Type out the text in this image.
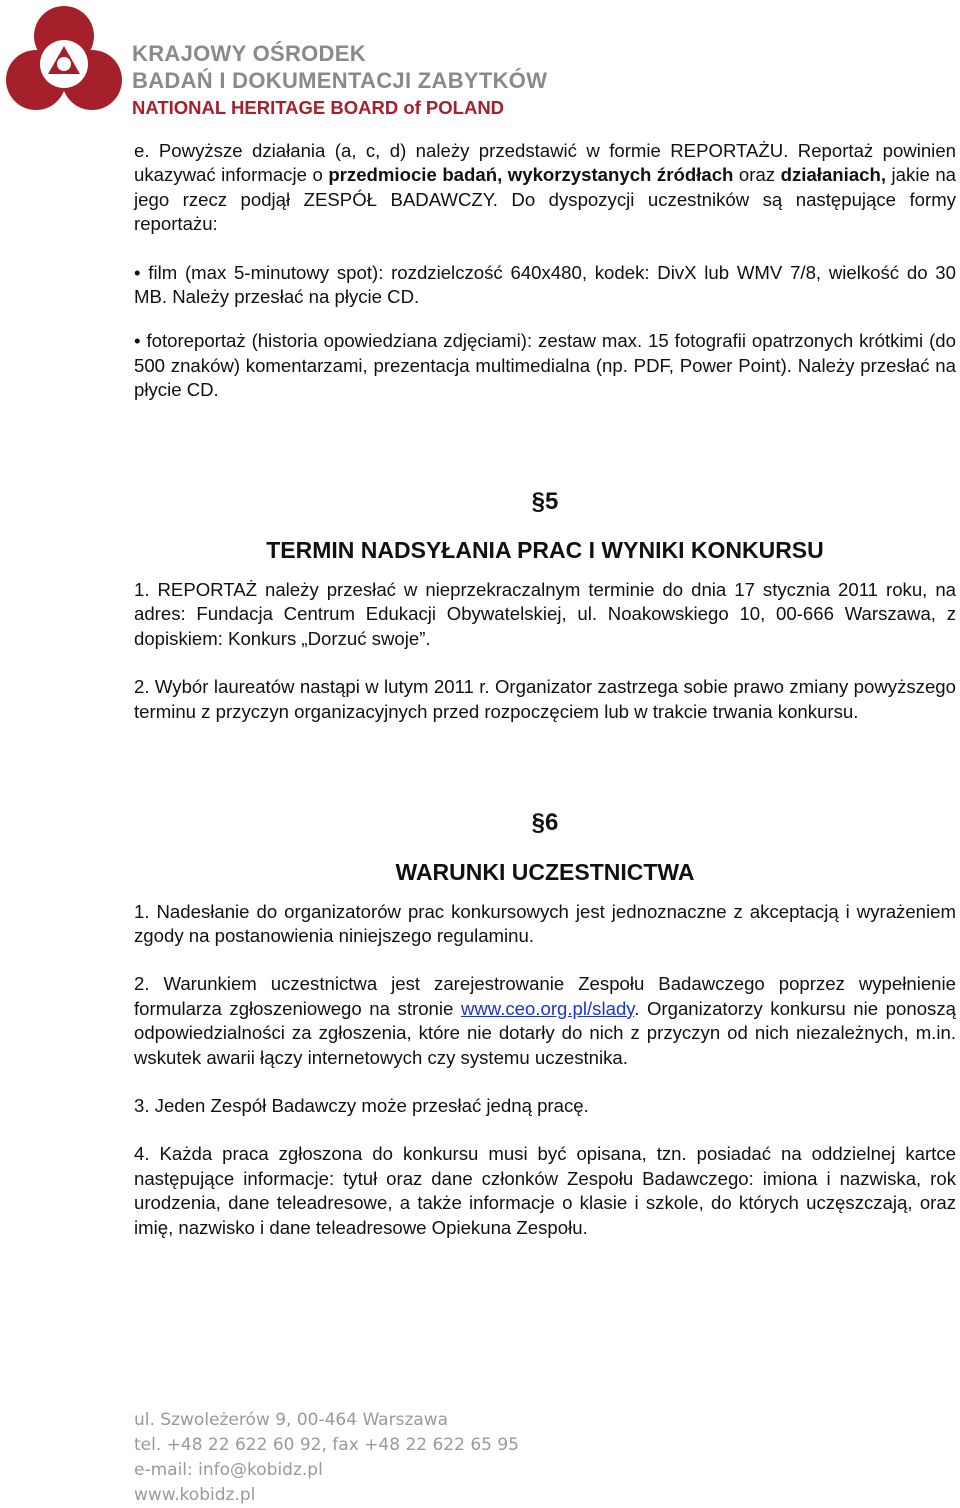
KRAJOWY OŚRODEK
BADAŃ I DOKUMENTACJI ZABYTKÓW
NATIONAL HERITAGE BOARD of POLAND

e. Powyższe działania (a, c, d) należy przedstawić w formie REPORTAŻU. Reportaż powinien ukazywać informacje o przedmiocie badań, wykorzystanych źródłach oraz działaniach, jakie na jego rzecz podjął ZESPÓŁ BADAWCZY. Do dyspozycji uczestników są następujące formy reportażu:

• film (max 5-minutowy spot): rozdzielczość 640x480, kodek: DivX lub WMV 7/8, wielkość do 30 MB. Należy przesłać na płycie CD.

• fotoreportaż (historia opowiedziana zdjęciami): zestaw max. 15 fotografii opatrzonych krótkimi (do 500 znaków) komentarzami, prezentacja multimedialna (np. PDF, Power Point). Należy przesłać na płycie CD.

§5
TERMIN NADSYŁANIA PRAC I WYNIKI KONKURSU

1. REPORTAŻ należy przesłać w nieprzekraczalnym terminie do dnia 17 stycznia 2011 roku, na adres: Fundacja Centrum Edukacji Obywatelskiej, ul. Noakowskiego 10, 00-666 Warszawa, z dopiskiem: Konkurs „Dorzuć swoje”.

2. Wybór laureatów nastąpi w lutym 2011 r. Organizator zastrzega sobie prawo zmiany powyższego terminu z przyczyn organizacyjnych przed rozpoczęciem lub w trakcie trwania konkursu.

§6
WARUNKI UCZESTNICTWA

1. Nadesłanie do organizatorów prac konkursowych jest jednoznaczne z akceptacją i wyrażeniem zgody na postanowienia niniejszego regulaminu.

2. Warunkiem uczestnictwa jest zarejestrowanie Zespołu Badawczego poprzez wypełnienie formularza zgłoszeniowego na stronie www.ceo.org.pl/slady. Organizatorzy konkursu nie ponoszą odpowiedzialności za zgłoszenia, które nie dotarły do nich z przyczyn od nich niezależnych, m.in. wskutek awarii łączy internetowych czy systemu uczestnika.

3. Jeden Zespół Badawczy może przesłać jedną pracę.

4. Każda praca zgłoszona do konkursu musi być opisana, tzn. posiadać na oddzielnej kartce następujące informacje: tytuł oraz dane członków Zespołu Badawczego: imiona i nazwiska, rok urodzenia, dane teleadresowe, a także informacje o klasie i szkole, do których uczęszczają, oraz imię, nazwisko i dane teleadresowe Opiekuna Zespołu.

ul. Szwoleżerów 9, 00-464 Warszawa
tel. +48 22 622 60 92, fax +48 22 622 65 95
e-mail: info@kobidz.pl
www.kobidz.pl
